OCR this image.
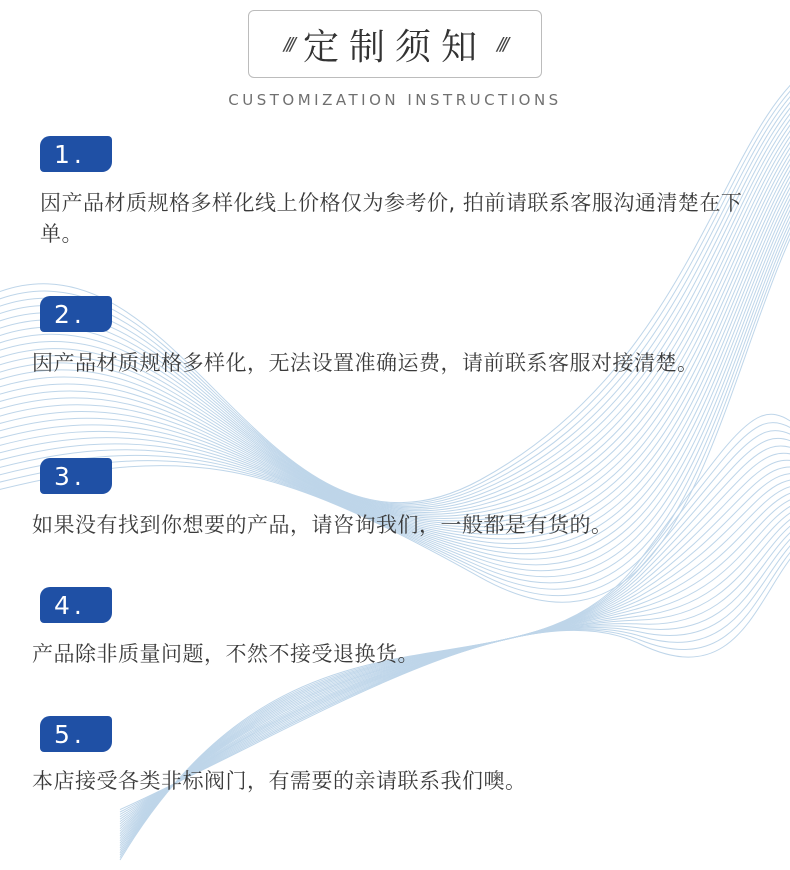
/// 定制须知 ///
CUSTOMIZATION INSTRUCTIONS
1.
因产品材质规格多样化线上价格仅为参考价, 拍前请联系客服沟通清楚在下单。
2.
因产品材质规格多样化，无法设置准确运费，请前联系客服对接清楚。
3.
如果没有找到你想要的产品，请咨询我们，一般都是有货的。
4.
产品除非质量问题，不然不接受退换货。
5.
本店接受各类非标阀门，有需要的亲请联系我们噢。
